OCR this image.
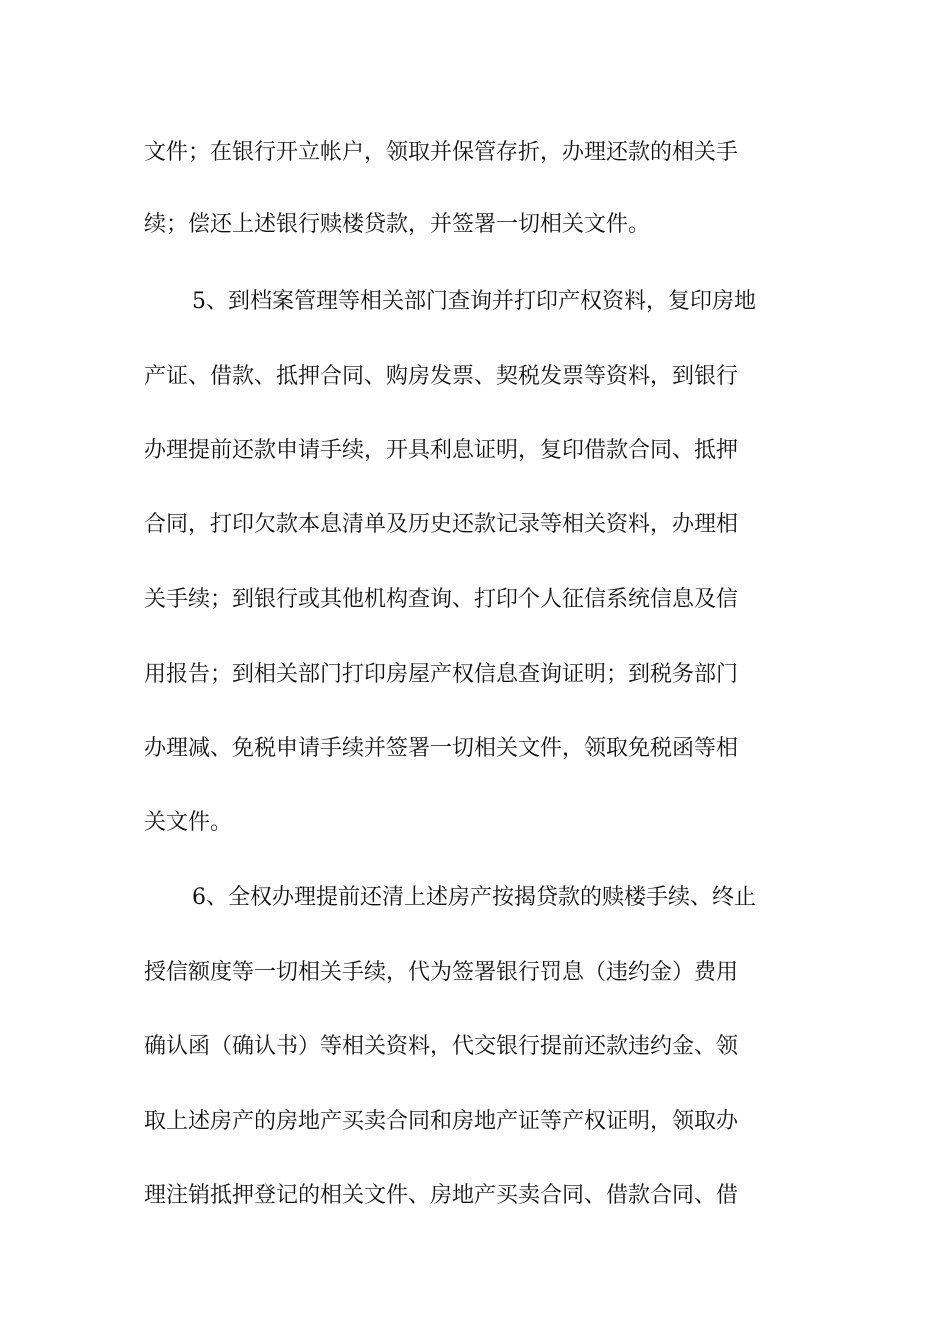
文件；在银行开立帐户，领取并保管存折，办理还款的相关手
续；偿还上述银行赎楼贷款，并签署一切相关文件。
5、到档案管理等相关部门查询并打印产权资料，复印房地
产证、借款、抵押合同、购房发票、契税发票等资料，到银行
办理提前还款申请手续，开具利息证明，复印借款合同、抵押
合同，打印欠款本息清单及历史还款记录等相关资料，办理相
关手续；到银行或其他机构查询、打印个人征信系统信息及信
用报告；到相关部门打印房屋产权信息查询证明；到税务部门
办理减、免税申请手续并签署一切相关文件，领取免税函等相
关文件。
6、全权办理提前还清上述房产按揭贷款的赎楼手续、终止
授信额度等一切相关手续，代为签署银行罚息（违约金）费用
确认函（确认书）等相关资料，代交银行提前还款违约金、领
取上述房产的房地产买卖合同和房地产证等产权证明，领取办
理注销抵押登记的相关文件、房地产买卖合同、借款合同、借
